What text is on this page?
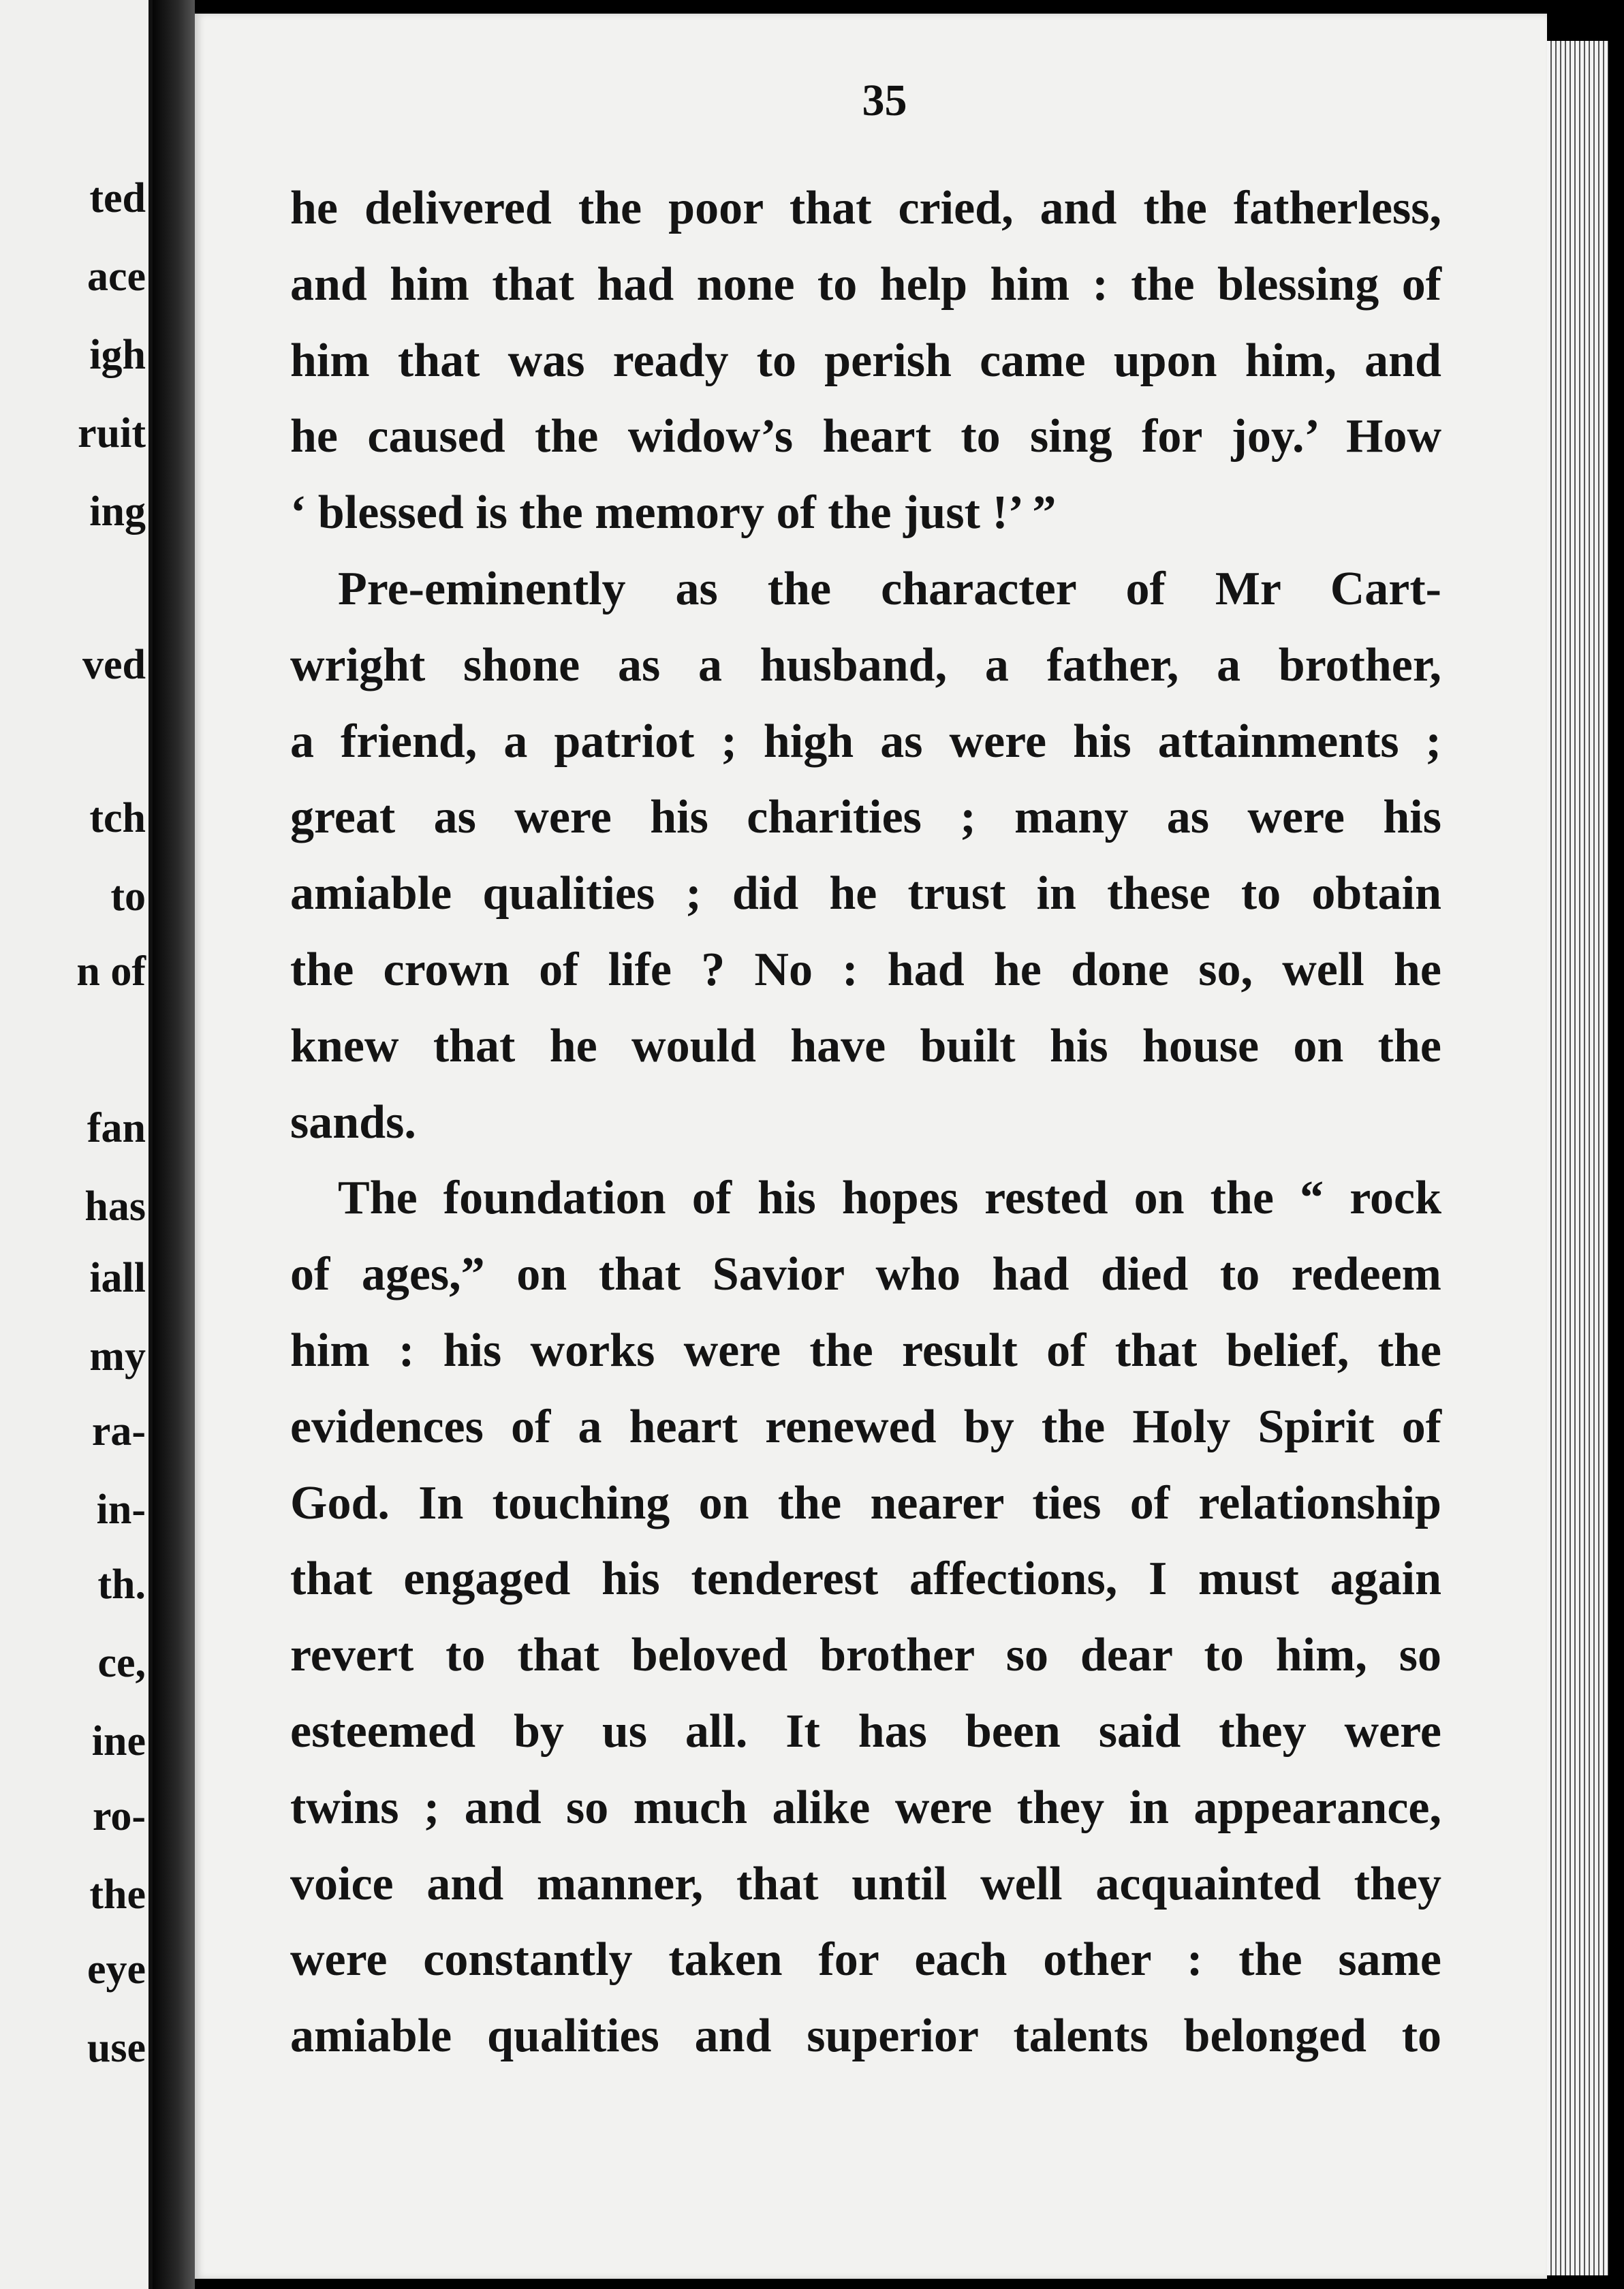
ted
ace
igh
ruit
ing
ved
tch
to
n of
fan
has
iall
my
ra-
in-
th.
ce,
ine
ro-
the
eye
use
35
he delivered the poor that cried, and the fatherless,
and him that had none to help him : the blessing of
him that was ready to perish came upon him, and
he caused the widow’s heart to sing for joy.’ How
‘ blessed is the memory of the just !’ ”
Pre-eminently as the character of Mr Cart-
wright shone as a husband, a father, a brother,
a friend, a patriot ; high as were his attainments ;
great as were his charities ; many as were his
amiable qualities ; did he trust in these to obtain
the crown of life ? No : had he done so, well he
knew that he would have built his house on the
sands.
The foundation of his hopes rested on the “ rock
of ages,” on that Savior who had died to redeem
him : his works were the result of that belief, the
evidences of a heart renewed by the Holy Spirit of
God. In touching on the nearer ties of relationship
that engaged his tenderest affections, I must again
revert to that beloved brother so dear to him, so
esteemed by us all. It has been said they were
twins ; and so much alike were they in appearance,
voice and manner, that until well acquainted they
were constantly taken for each other : the same
amiable qualities and superior talents belonged to
